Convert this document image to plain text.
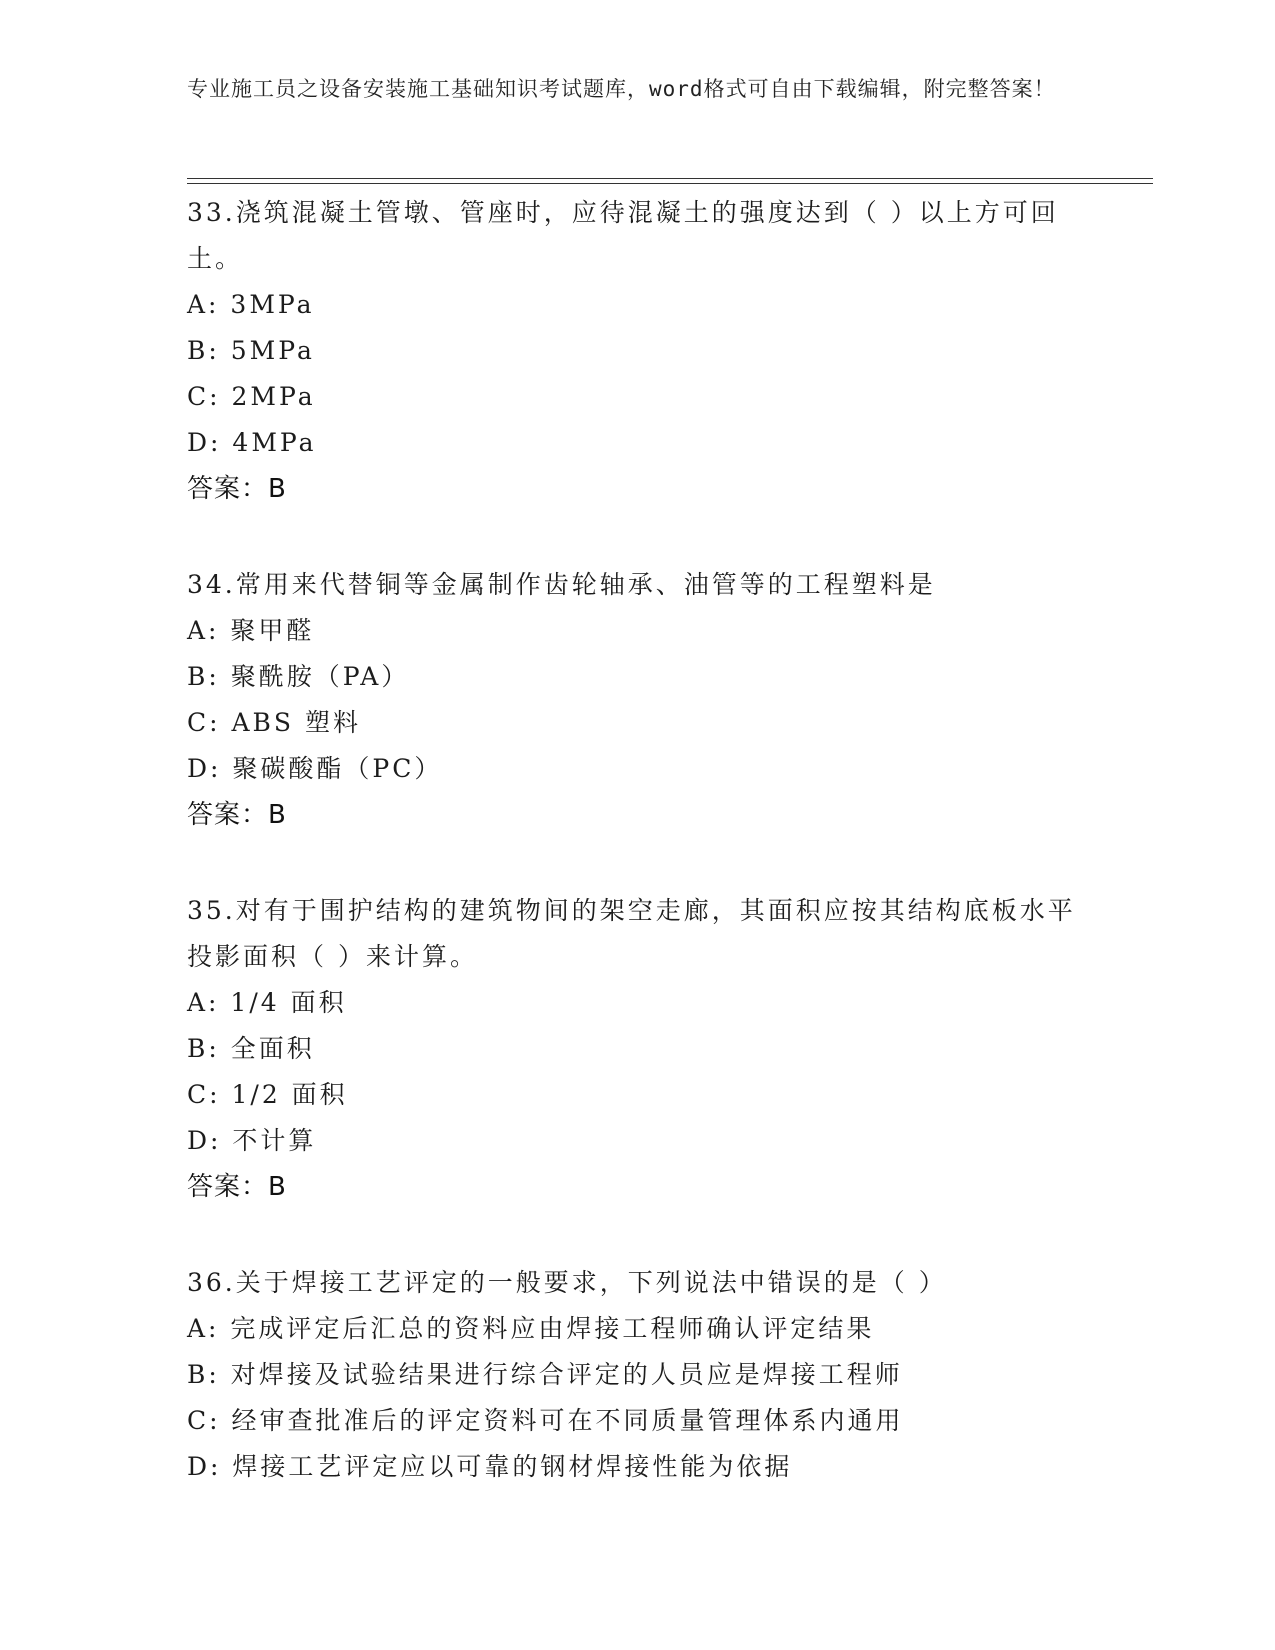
专业施工员之设备安装施工基础知识考试题库，word格式可自由下载编辑，附完整答案！

33.浇筑混凝土管墩、管座时，应待混凝土的强度达到（ ）以上方可回土。

A: 3MPa

B: 5MPa

C: 2MPa

D: 4MPa

答案：B

34.常用来代替铜等金属制作齿轮轴承、油管等的工程塑料是

A: 聚甲醛

B: 聚酰胺（PA）

C: ABS 塑料

D: 聚碳酸酯（PC）

答案：B

35.对有于围护结构的建筑物间的架空走廊，其面积应按其结构底板水平投影面积（ ）来计算。

A: 1/4 面积

B: 全面积

C: 1/2 面积

D: 不计算

答案：B

36.关于焊接工艺评定的一般要求，下列说法中错误的是（ ）

A: 完成评定后汇总的资料应由焊接工程师确认评定结果

B: 对焊接及试验结果进行综合评定的人员应是焊接工程师

C: 经审查批准后的评定资料可在不同质量管理体系内通用

D: 焊接工艺评定应以可靠的钢材焊接性能为依据
